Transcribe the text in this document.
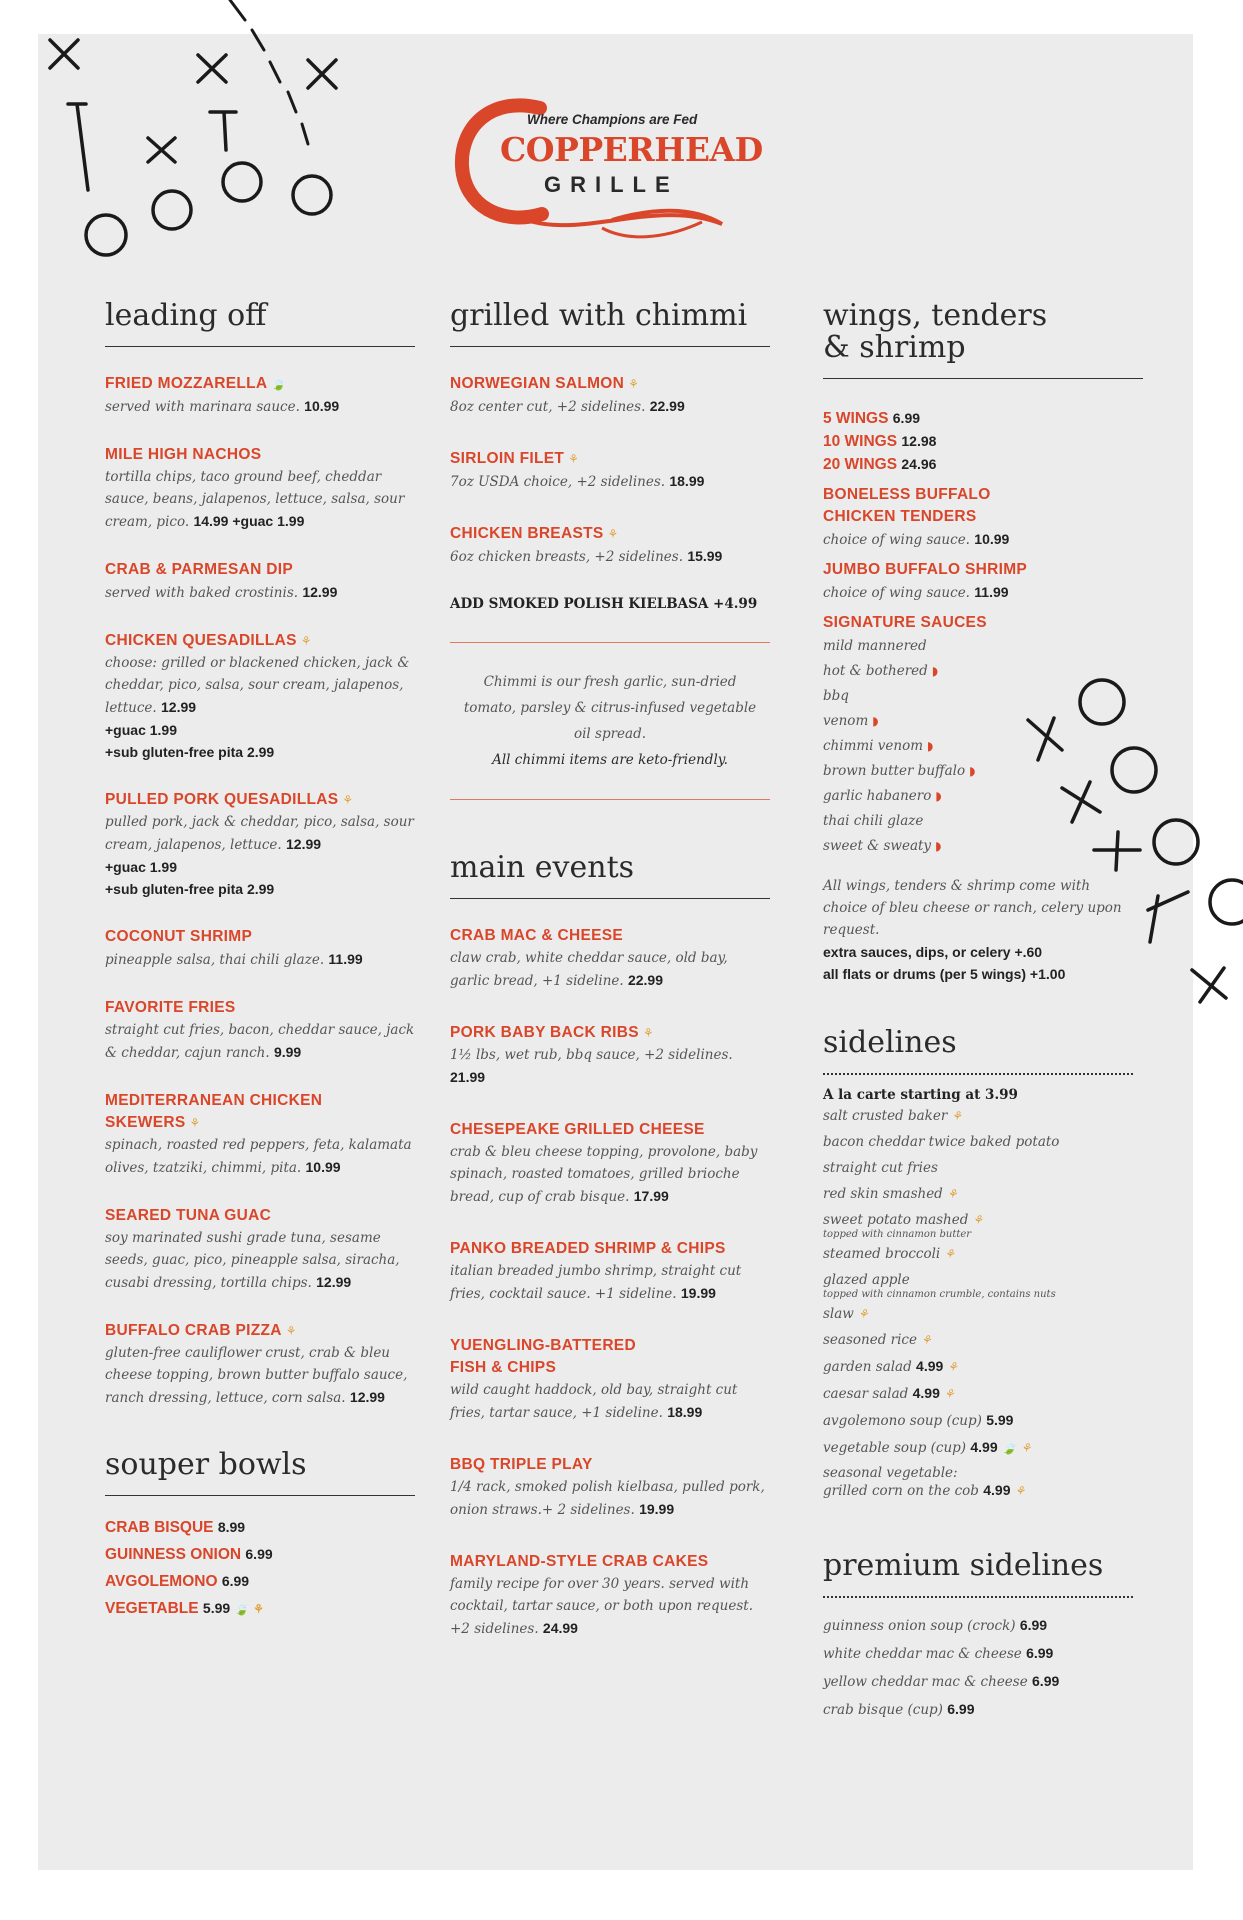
Where Champions are Fed
COPPERHEAD
GRILLE
leading off
FRIED MOZZARELLA 🍃
served with marinara sauce. 10.99
MILE HIGH NACHOS
tortilla chips, taco ground beef, cheddar sauce, beans, jalapenos, lettuce, salsa, sour cream, pico. 14.99 +guac 1.99
CRAB & PARMESAN DIP
served with baked crostinis. 12.99
CHICKEN QUESADILLAS ⚘
choose: grilled or blackened chicken, jack & cheddar, pico, salsa, sour cream, jalapenos, lettuce. 12.99
+guac 1.99
+sub gluten-free pita 2.99
PULLED PORK QUESADILLAS ⚘
pulled pork, jack & cheddar, pico, salsa, sour cream, jalapenos, lettuce. 12.99
+guac 1.99
+sub gluten-free pita 2.99
COCONUT SHRIMP
pineapple salsa, thai chili glaze. 11.99
FAVORITE FRIES
straight cut fries, bacon, cheddar sauce, jack & cheddar, cajun ranch. 9.99
MEDITERRANEAN CHICKEN SKEWERS ⚘
spinach, roasted red peppers, feta, kalamata olives, tzatziki, chimmi, pita. 10.99
SEARED TUNA GUAC
soy marinated sushi grade tuna, sesame seeds, guac, pico, pineapple salsa, siracha, cusabi dressing, tortilla chips. 12.99
BUFFALO CRAB PIZZA ⚘
gluten-free cauliflower crust, crab & bleu cheese topping, brown butter buffalo sauce, ranch dressing, lettuce, corn salsa. 12.99
souper bowls
CRAB BISQUE 8.99
GUINNESS ONION 6.99
AVGOLEMONO 6.99
VEGETABLE 5.99 🍃 ⚘
grilled with chimmi
NORWEGIAN SALMON ⚘
8oz center cut, +2 sidelines. 22.99
SIRLOIN FILET ⚘
7oz USDA choice, +2 sidelines. 18.99
CHICKEN BREASTS ⚘
6oz chicken breasts, +2 sidelines. 15.99
ADD SMOKED POLISH KIELBASA +4.99
Chimmi is our fresh garlic, sun-dried tomato, parsley & citrus-infused vegetable oil spread.
All chimmi items are keto-friendly.
main events
CRAB MAC & CHEESE
claw crab, white cheddar sauce, old bay, garlic bread, +1 sideline. 22.99
PORK BABY BACK RIBS ⚘
1½ lbs, wet rub, bbq sauce, +2 sidelines. 21.99
CHESEPEAKE GRILLED CHEESE
crab & bleu cheese topping, provolone, baby spinach, roasted tomatoes, grilled brioche bread, cup of crab bisque. 17.99
PANKO BREADED SHRIMP & CHIPS
italian breaded jumbo shrimp, straight cut fries, cocktail sauce. +1 sideline. 19.99
YUENGLING-BATTERED FISH & CHIPS
wild caught haddock, old bay, straight cut fries, tartar sauce, +1 sideline. 18.99
BBQ TRIPLE PLAY
1/4 rack, smoked polish kielbasa, pulled pork, onion straws.+ 2 sidelines. 19.99
MARYLAND-STYLE CRAB CAKES
family recipe for over 30 years. served with cocktail, tartar sauce, or both upon request. +2 sidelines. 24.99
wings, tenders
& shrimp
5 WINGS 6.99
10 WINGS 12.98
20 WINGS 24.96
BONELESS BUFFALO CHICKEN TENDERS
choice of wing sauce. 10.99
JUMBO BUFFALO SHRIMP
choice of wing sauce. 11.99
SIGNATURE SAUCES
mild mannered
hot & bothered ◗
bbq
venom ◗
chimmi venom ◗
brown butter buffalo ◗
garlic habanero ◗
thai chili glaze
sweet & sweaty ◗
All wings, tenders & shrimp come with choice of bleu cheese or ranch, celery upon request.
extra sauces, dips, or celery +.60
all flats or drums (per 5 wings) +1.00
sidelines
A la carte starting at 3.99
salt crusted baker ⚘
bacon cheddar twice baked potato
straight cut fries
red skin smashed ⚘
sweet potato mashed ⚘
topped with cinnamon butter
steamed broccoli ⚘
glazed apple
topped with cinnamon crumble, contains nuts
slaw ⚘
seasoned rice ⚘
garden salad 4.99 ⚘
caesar salad 4.99 ⚘
avgolemono soup (cup) 5.99
vegetable soup (cup) 4.99 🍃 ⚘
seasonal vegetable:
grilled corn on the cob 4.99 ⚘
premium sidelines
guinness onion soup (crock) 6.99
white cheddar mac & cheese 6.99
yellow cheddar mac & cheese 6.99
crab bisque (cup) 6.99
